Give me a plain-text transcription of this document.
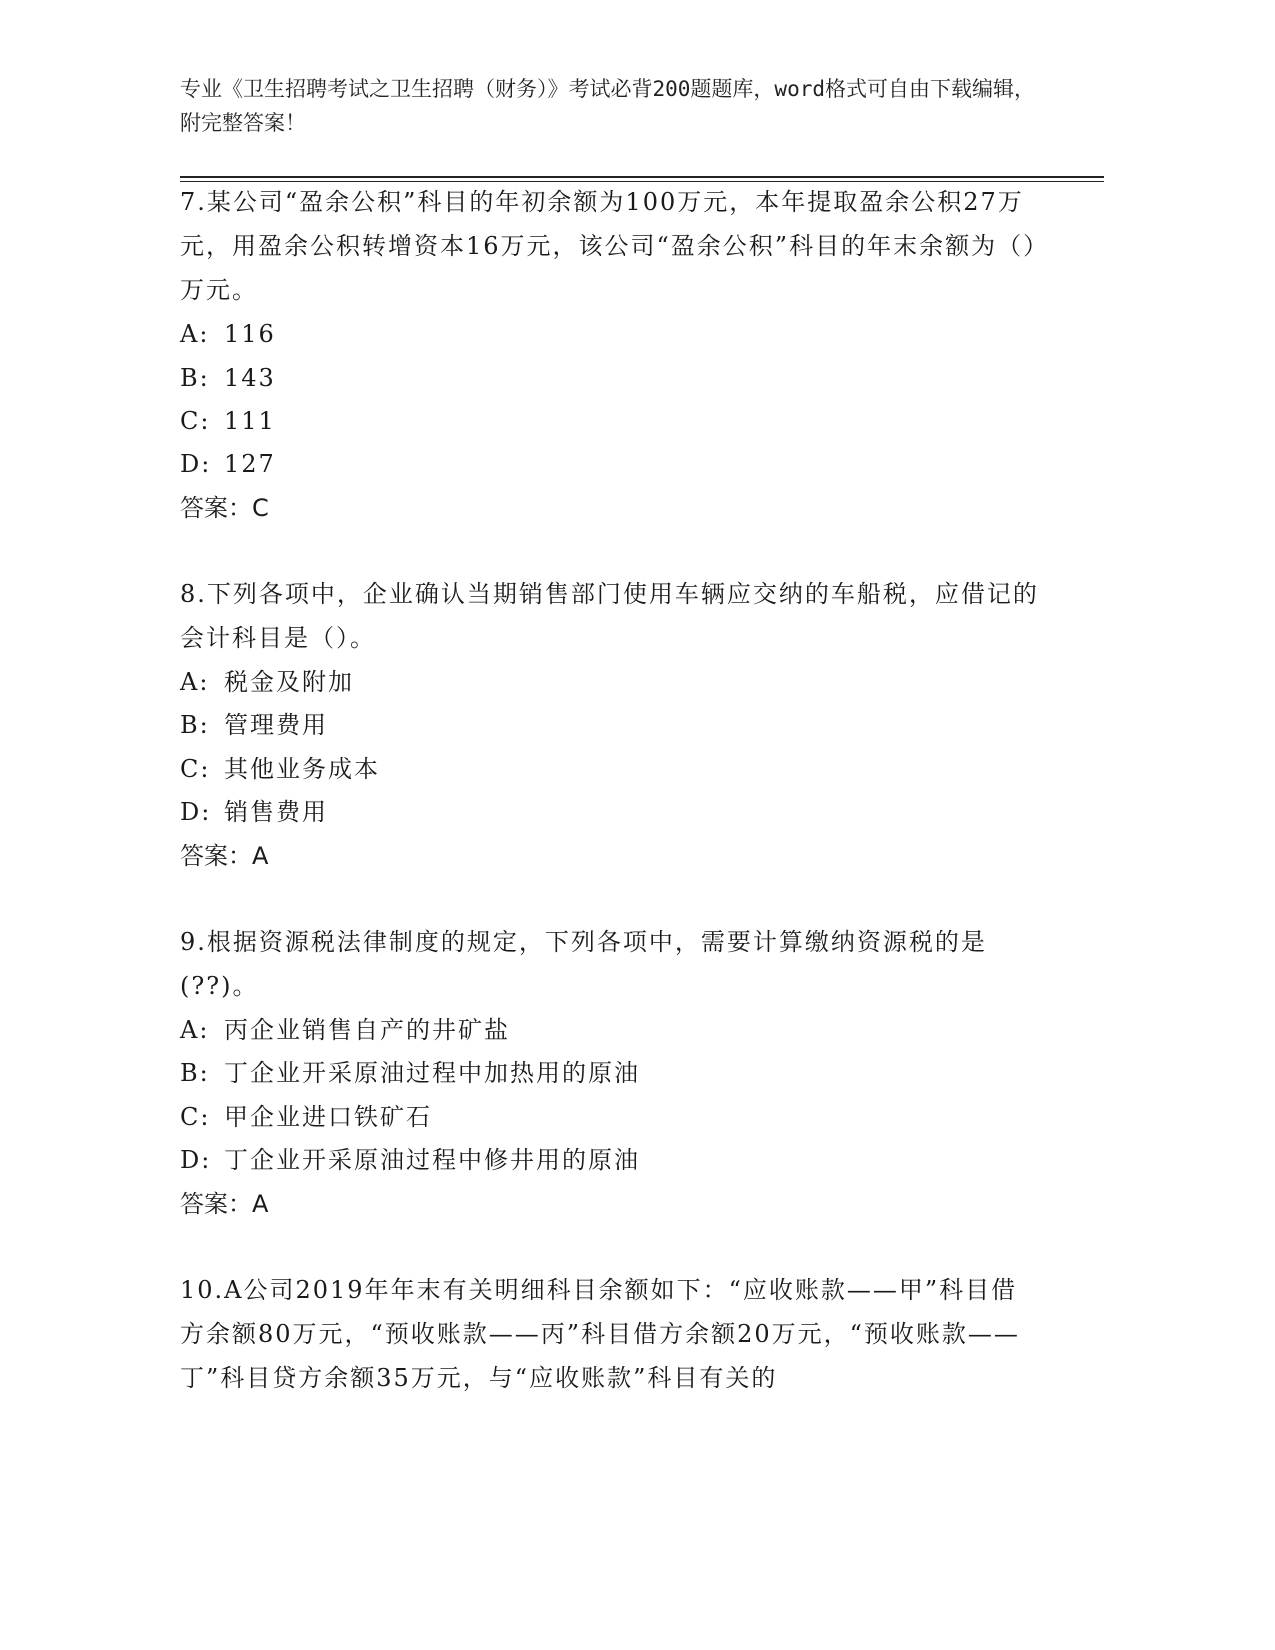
专业《卫生招聘考试之卫生招聘（财务）》考试必背200题题库，word格式可自由下载编辑，附完整答案！
7.某公司“盈余公积”科目的年初余额为100万元，本年提取盈余公积27万元，用盈余公积转增资本16万元，该公司“盈余公积”科目的年末余额为（）万元。
A: 116
B: 143
C: 111
D: 127
答案：C
8.下列各项中，企业确认当期销售部门使用车辆应交纳的车船税，应借记的会计科目是（）。
A: 税金及附加
B: 管理费用
C: 其他业务成本
D: 销售费用
答案：A
9.根据资源税法律制度的规定，下列各项中，需要计算缴纳资源税的是(??)。
A: 丙企业销售自产的井矿盐
B: 丁企业开采原油过程中加热用的原油
C: 甲企业进口铁矿石
D: 丁企业开采原油过程中修井用的原油
答案：A
10.A公司2019年年末有关明细科目余额如下：“应收账款——甲”科目借方余额80万元，“预收账款——丙”科目借方余额20万元，“预收账款——丁”科目贷方余额35万元，与“应收账款”科目有关的
